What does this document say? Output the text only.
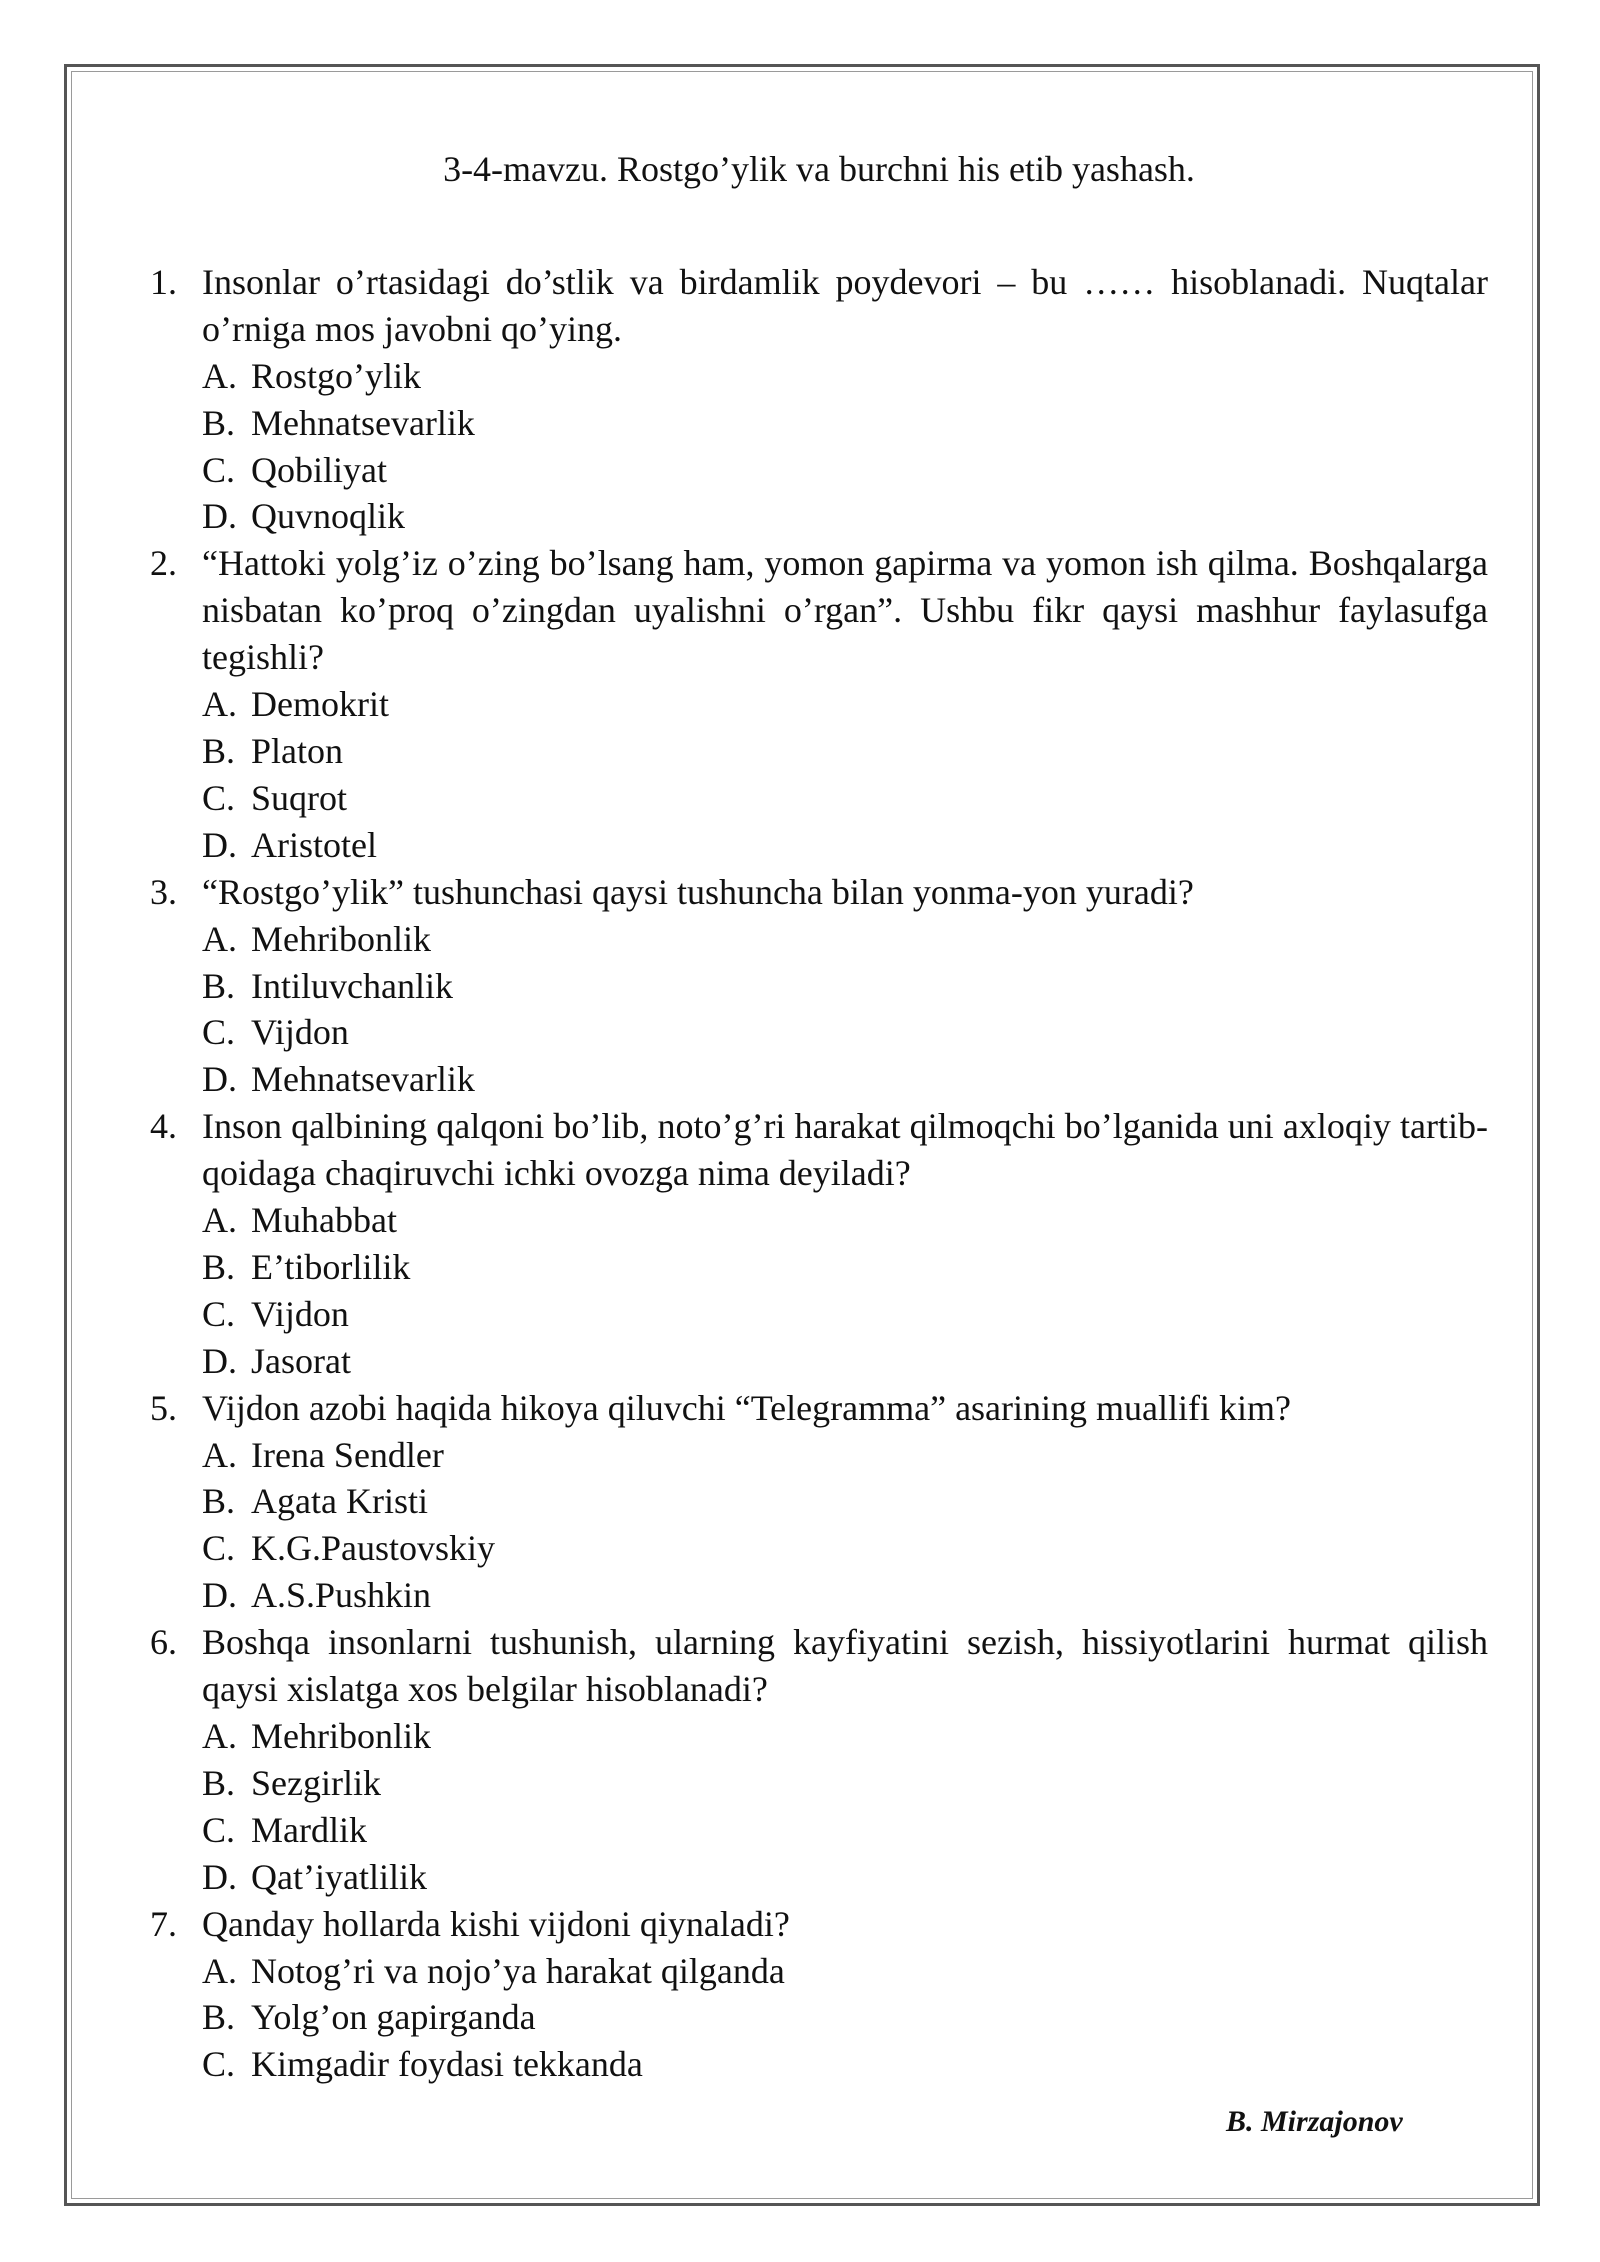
3-4-mavzu. Rostgo’ylik va burchni his etib yashash.
1. Insonlar o’rtasidagi do’stlik va birdamlik poydevori – bu …… hisoblanadi. Nuqtalar o’rniga mos javobni qo’ying.
A. Rostgo’ylik
B. Mehnatsevarlik
C. Qobiliyat
D. Quvnoqlik
2. “Hattoki yolg’iz o’zing bo’lsang ham, yomon gapirma va yomon ish qilma. Boshqalarga nisbatan ko’proq o’zingdan uyalishni o’rgan”. Ushbu fikr qaysi mashhur faylasufga tegishli?
A. Demokrit
B. Platon
C. Suqrot
D. Aristotel
3. “Rostgo’ylik” tushunchasi qaysi tushuncha bilan yonma-yon yuradi?
A. Mehribonlik
B. Intiluvchanlik
C. Vijdon
D. Mehnatsevarlik
4. Inson qalbining qalqoni bo’lib, noto’g’ri harakat qilmoqchi bo’lganida uni axloqiy tartib-qoidaga chaqiruvchi ichki ovozga nima deyiladi?
A. Muhabbat
B. E’tiborlilik
C. Vijdon
D. Jasorat
5. Vijdon azobi haqida hikoya qiluvchi “Telegramma” asarining muallifi kim?
A. Irena Sendler
B. Agata Kristi
C. K.G.Paustovskiy
D. A.S.Pushkin
6. Boshqa insonlarni tushunish, ularning kayfiyatini sezish, hissiyotlarini hurmat qilish qaysi xislatga xos belgilar hisoblanadi?
A. Mehribonlik
B. Sezgirlik
C. Mardlik
D. Qat’iyatlilik
7. Qanday hollarda kishi vijdoni qiynaladi?
A. Notog’ri va nojo’ya harakat qilganda
B. Yolg’on gapirganda
C. Kimgadir foydasi tekkanda
B. Mirzajonov
